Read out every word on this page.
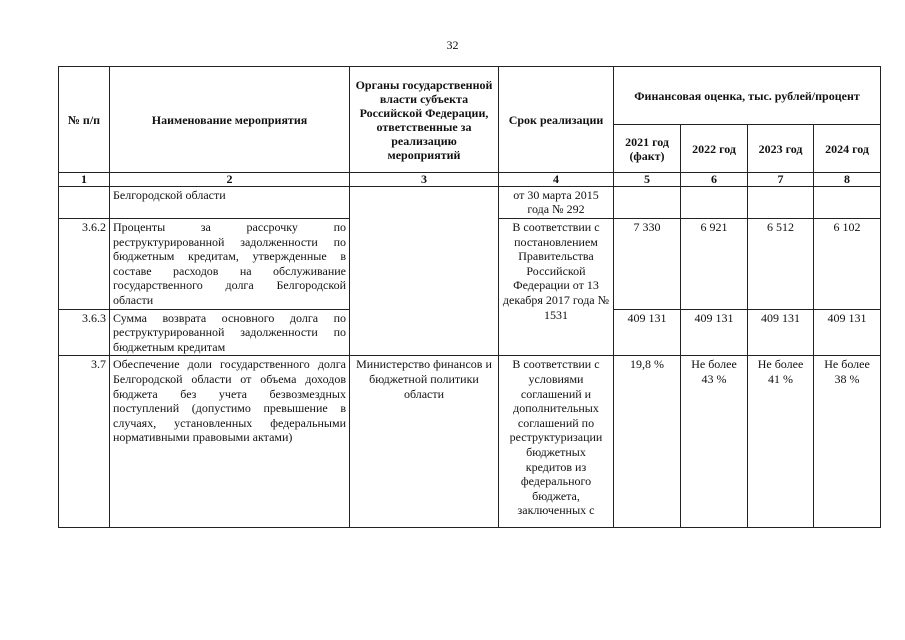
32
№ п/п	Наименование мероприятия	Органы государственной власти субъекта Российской Федерации, ответственные за реализацию мероприятий	Срок реализации	Финансовая оценка, тыс. рублей/процент			
				2021 год (факт)	2022 год	2023 год	2024 год
1	2	3	4	5	6	7	8
	Белгородской области		от 30 марта 2015 года № 292				
3.6.2	Проценты за рассрочку по реструктурированной задолженности по бюджетным кредитам, утвержденные в составе расходов на обслуживание государственного долга Белгородской области		В соответствии с постановлением Правительства Российской Федерации от 13 декабря 2017 года № 1531	7 330	6 921	6 512	6 102
3.6.3	Сумма возврата основного долга по реструктурированной задолженности по бюджетным кредитам			409 131	409 131	409 131	409 131
3.7	Обеспечение доли государственного долга Белгородской области от объема доходов бюджета без учета безвозмездных поступлений (допустимо превышение в случаях, установленных федеральными нормативными правовыми актами)	Министерство финансов и бюджетной политики области	В соответствии с условиями соглашений и дополнительных соглашений по реструктуризации бюджетных кредитов из федерального бюджета, заключенных с	19,8 %	Не более 43 %	Не более 41 %	Не более 38 %
